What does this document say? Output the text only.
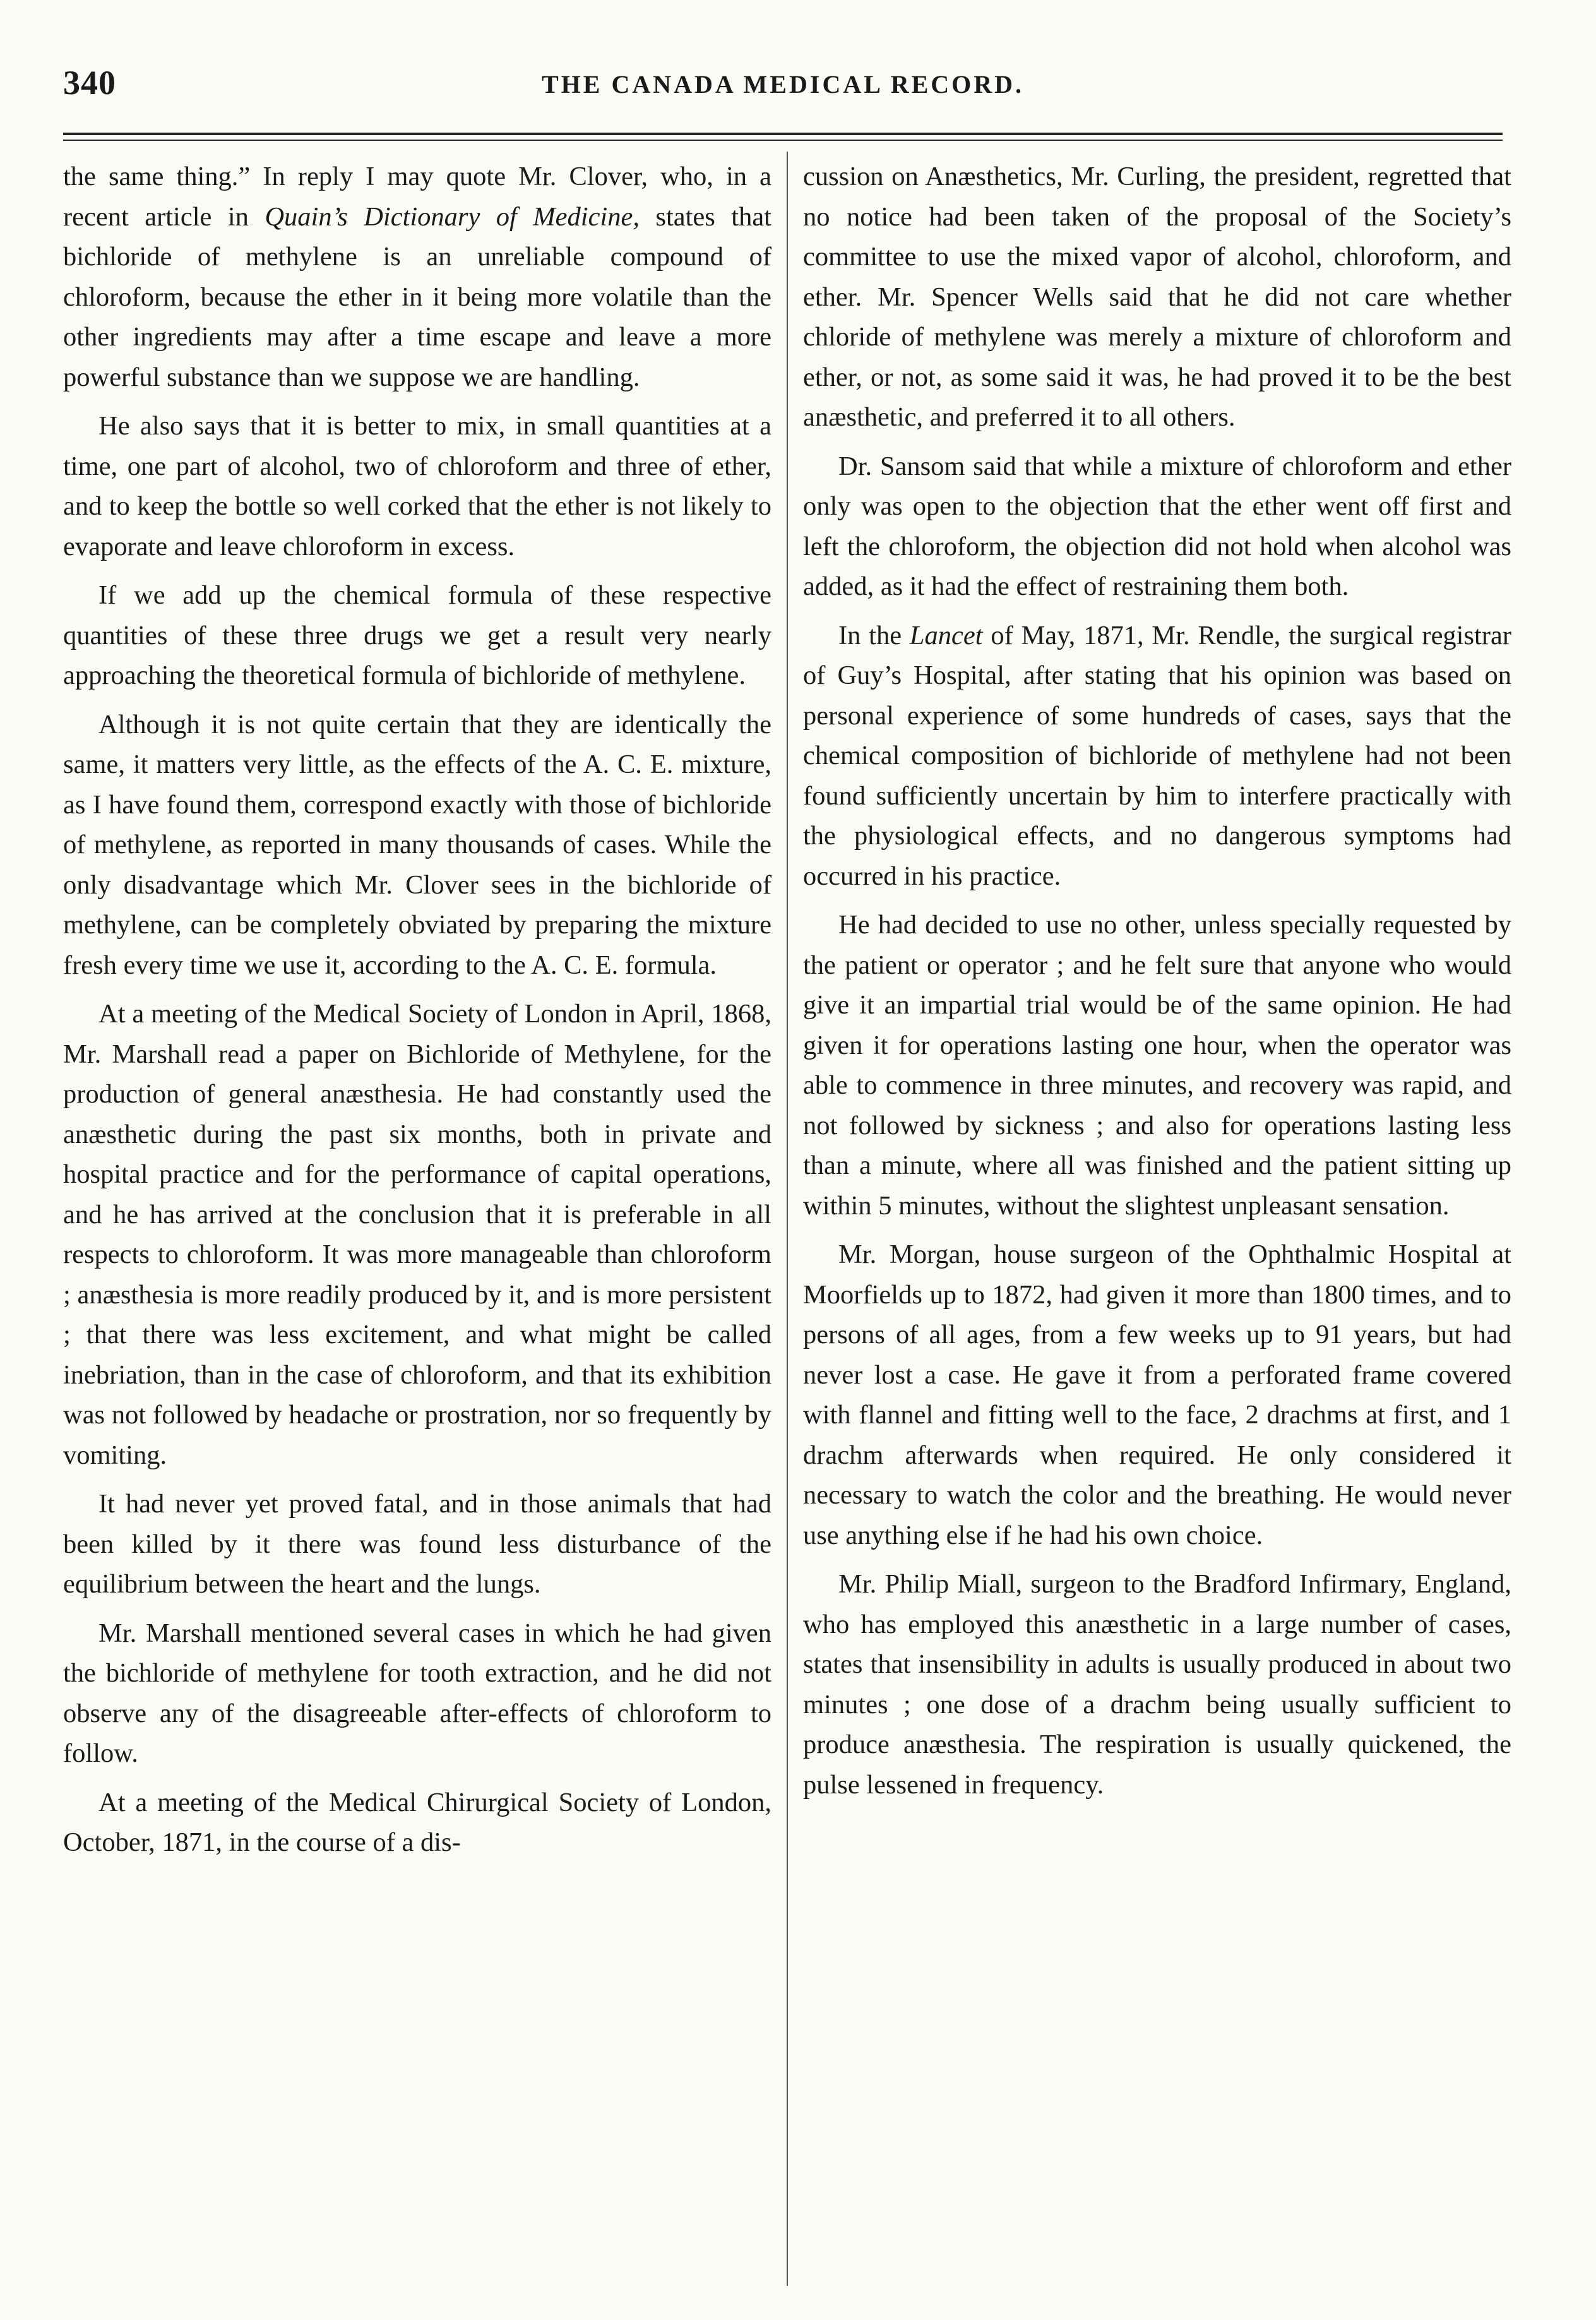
340	THE CANADA MEDICAL RECORD.

the same thing.” In reply I may quote Mr. Clover, who, in a recent article in Quain’s Dictionary of Medicine, states that bichloride of methylene is an unreliable compound of chloroform, because the ether in it being more volatile than the other ingredients may after a time escape and leave a more powerful substance than we suppose we are handling.

He also says that it is better to mix, in small quantities at a time, one part of alcohol, two of chloroform and three of ether, and to keep the bottle so well corked that the ether is not likely to evaporate and leave chloroform in excess.

If we add up the chemical formula of these respective quantities of these three drugs we get a result very nearly approaching the theoretical formula of bichloride of methylene.

Although it is not quite certain that they are identically the same, it matters very little, as the effects of the A. C. E. mixture, as I have found them, correspond exactly with those of bichloride of methylene, as reported in many thousands of cases. While the only disadvantage which Mr. Clover sees in the bichloride of methylene, can be completely obviated by preparing the mixture fresh every time we use it, according to the A. C. E. formula.

At a meeting of the Medical Society of London in April, 1868, Mr. Marshall read a paper on Bichloride of Methylene, for the production of general anæsthesia. He had constantly used the anæsthetic during the past six months, both in private and hospital practice and for the performance of capital operations, and he has arrived at the conclusion that it is preferable in all respects to chloroform. It was more manageable than chloroform ; anæsthesia is more readily produced by it, and is more persistent ; that there was less excitement, and what might be called inebriation, than in the case of chloroform, and that its exhibition was not followed by headache or prostration, nor so frequently by vomiting.

It had never yet proved fatal, and in those animals that had been killed by it there was found less disturbance of the equilibrium between the heart and the lungs.

Mr. Marshall mentioned several cases in which he had given the bichloride of methylene for tooth extraction, and he did not observe any of the disagreeable after-effects of chloroform to follow.

At a meeting of the Medical Chirurgical Society of London, October, 1871, in the course of a dis-

cussion on Anæsthetics, Mr. Curling, the president, regretted that no notice had been taken of the proposal of the Society’s committee to use the mixed vapor of alcohol, chloroform, and ether. Mr. Spencer Wells said that he did not care whether chloride of methylene was merely a mixture of chloroform and ether, or not, as some said it was, he had proved it to be the best anæsthetic, and preferred it to all others.

Dr. Sansom said that while a mixture of chloroform and ether only was open to the objection that the ether went off first and left the chloroform, the objection did not hold when alcohol was added, as it had the effect of restraining them both.

In the Lancet of May, 1871, Mr. Rendle, the surgical registrar of Guy’s Hospital, after stating that his opinion was based on personal experience of some hundreds of cases, says that the chemical composition of bichloride of methylene had not been found sufficiently uncertain by him to interfere practically with the physiological effects, and no dangerous symptoms had occurred in his practice.

He had decided to use no other, unless specially requested by the patient or operator ; and he felt sure that anyone who would give it an impartial trial would be of the same opinion. He had given it for operations lasting one hour, when the operator was able to commence in three minutes, and recovery was rapid, and not followed by sickness ; and also for operations lasting less than a minute, where all was finished and the patient sitting up within 5 minutes, without the slightest unpleasant sensation.

Mr. Morgan, house surgeon of the Ophthalmic Hospital at Moorfields up to 1872, had given it more than 1800 times, and to persons of all ages, from a few weeks up to 91 years, but had never lost a case. He gave it from a perforated frame covered with flannel and fitting well to the face, 2 drachms at first, and 1 drachm afterwards when required. He only considered it necessary to watch the color and the breathing. He would never use anything else if he had his own choice.

Mr. Philip Miall, surgeon to the Bradford Infirmary, England, who has employed this anæsthetic in a large number of cases, states that insensibility in adults is usually produced in about two minutes ; one dose of a drachm being usually sufficient to produce anæsthesia. The respiration is usually quickened, the pulse lessened in frequency.
